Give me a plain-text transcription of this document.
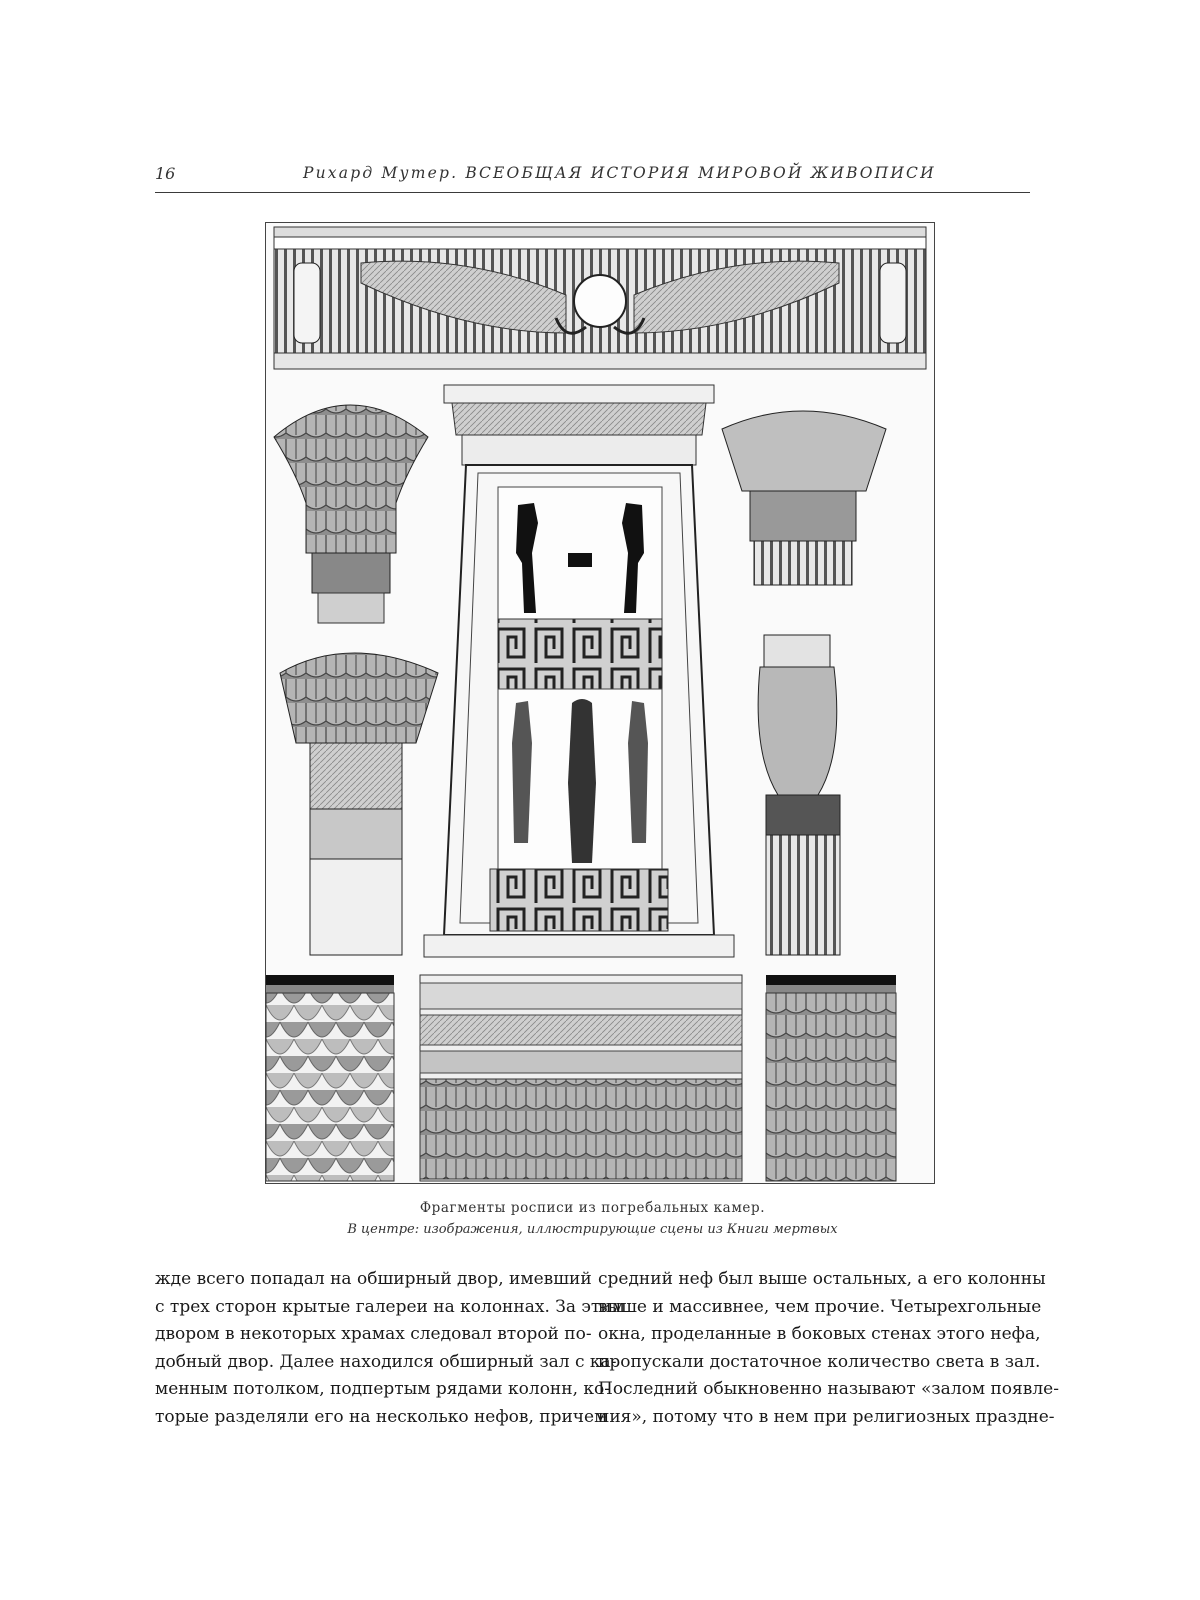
16	Рихард Мутер. ВСЕОБЩАЯ ИСТОРИЯ МИРОВОЙ ЖИВОПИСИ
Фрагменты росписи из погребальных камер.
В центре: изображения, иллюстрирующие сцены из Книги мертвых
жде всего попадал на обширный двор, имевший
с трех сторон крытые галереи на колоннах. За этим
двором в некоторых храмах следовал второй по-
добный двор. Далее находился обширный зал с ка-
менным потолком, подпертым рядами колонн, ко-
торые разделяли его на несколько нефов, причем
средний неф был выше остальных, а его колонны
выше и массивнее, чем прочие. Четырехгольные
окна, проделанные в боковых стенах этого нефа,
пропускали достаточное количество света в зал.
Последний обыкновенно называют «залом появле-
ния», потому что в нем при религиозных праздне-
